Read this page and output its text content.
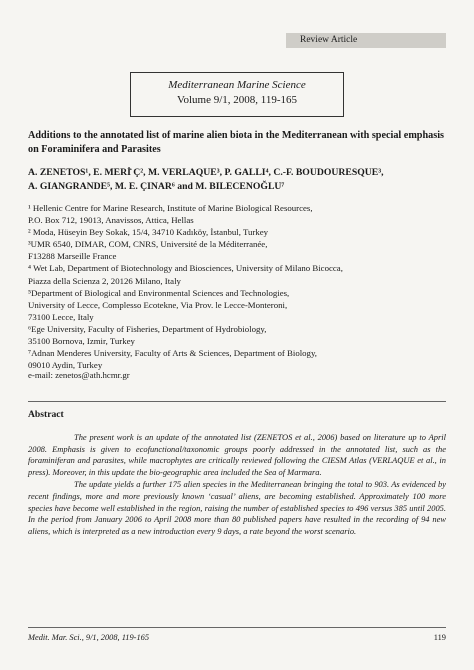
Review Article
Mediterranean Marine Science
Volume 9/1, 2008, 119-165
Additions to the annotated list of marine alien biota in the Mediterranean with special emphasis on Foraminifera and Parasites
A. ZENETOS¹, E. MERİ̇ Ç², M. VERLAQUE³, P. GALLI⁴, C.-F. BOUDOURESQUE³,
A. GIANGRANDE⁵, M. E. ÇINAR⁶ and M. BILECENOĞLU⁷
¹ Hellenic Centre for Marine Research, Institute of Marine Biological Resources,
P.O. Box 712, 19013, Anavissos, Attica, Hellas
² Moda, Hüseyin Bey Sokak, 15/4, 34710 Kadıköy, İstanbul, Turkey
³UMR 6540, DIMAR, COM, CNRS, Université de la Méditerranée,
F13288 Marseille France
⁴ Wet Lab, Department of Biotechnology and Biosciences, University of Milano Bicocca,
Piazza della Scienza 2, 20126 Milano, Italy
⁵Department of Biological and Environmental Sciences and Technologies,
University of Lecce, Complesso Ecotekne, Via Prov. le Lecce-Monteroni,
73100 Lecce, Italy
⁶Ege University, Faculty of Fisheries, Department of Hydrobiology,
35100 Bornova, Izmir, Turkey
⁷Adnan Menderes University, Faculty of Arts & Sciences, Department of Biology,
09010 Aydin, Turkey
e-mail: zenetos@ath.hcmr.gr
Abstract

The present work is an update of the annotated list (ZENETOS et al., 2006) based on literature up to April 2008. Emphasis is given to ecofunctional/taxonomic groups poorly addressed in the annotated list, such as the foraminiferan and parasites, while macrophytes are critically reviewed following the CIESM Atlas (VERLAQUE et al., in press). Moreover, in this update the bio-geographic area included the Sea of Marmara.

The update yields a further 175 alien species in the Mediterranean bringing the total to 903. As evidenced by recent findings, more and more previously known ‘casual’ aliens, are becoming established. Approximately 100 more species have become well established in the region, raising the number of established species to 496 versus 385 until 2005. In the period from January 2006 to April 2008 more than 80 published papers have resulted in the recording of 94 new aliens, which is interpreted as a new introduction every 9 days, a rate beyond the worst scenario.

Medit. Mar. Sci., 9/1, 2008, 119-165	119
